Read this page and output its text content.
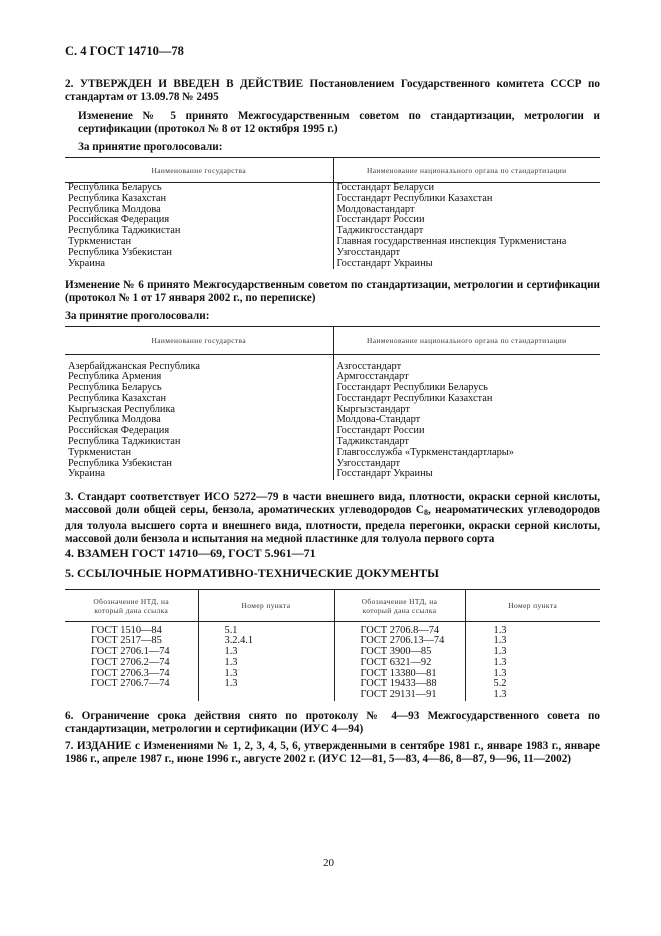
С. 4 ГОСТ 14710—78
2. УТВЕРЖДЕН И ВВЕДЕН В ДЕЙСТВИЕ Постановлением Государственного комитета СССР по стандартам от 13.09.78 № 2495
Изменение № 5 принято Межгосударственным советом по стандартизации, метрологии и сертификации (протокол № 8 от 12 октября 1995 г.)
За принятие проголосовали:
Наименование государства	Наименование национального органа по стандартизации
Республика Беларусь	Госстандарт Беларуси
Республика Казахстан	Госстандарт Республики Казахстан
Республика Молдова	Молдовастандарт
Российская Федерация	Госстандарт России
Республика Таджикистан	Таджикгосстандарт
Туркменистан	Главная государственная инспекция Туркменистана
Республика Узбекистан	Узгосстандарт
Украина	Госстандарт Украины
Изменение № 6 принято Межгосударственным советом по стандартизации, метрологии и сертификации (протокол № 1 от 17 января 2002 г., по переписке)
За принятие проголосовали:
Наименование государства	Наименование национального органа по стандартизации

Азербайджанская Республика	Азгосстандарт
Республика Армения	Армгосстандарт
Республика Беларусь	Госстандарт Республики Беларусь
Республика Казахстан	Госстандарт Республики Казахстан
Кыргызская Республика	Кыргызстандарт
Республика Молдова	Молдова-Стандарт
Российская Федерация	Госстандарт России
Республика Таджикистан	Таджикстандарт
Туркменистан	Главгосслужба «Туркменстандартлары»
Республика Узбекистан	Узгосстандарт
Украина	Госстандарт Украины
3. Стандарт соответствует ИСО 5272—79 в части внешнего вида, плотности, окраски серной кислоты, массовой доли общей серы, бензола, ароматических углеводородов $C_8$, неароматических углеводородов для толуола высшего сорта и внешнего вида, плотности, предела перегонки, окраски серной кислоты, массовой доли бензола и испытания на медной пластинке для толуола первого сорта
4. ВЗАМЕН ГОСТ 14710—69, ГОСТ 5.961—71
5. ССЫЛОЧНЫЕ НОРМАТИВНО-ТЕХНИЧЕСКИЕ ДОКУМЕНТЫ
Обозначение НТД, на
который дана ссылка	Номер пункта	Обозначение НТД, на
который дана ссылка	Номер пункта

ГОСТ 1510—84	5.1	ГОСТ 2706.8—74	1.3
ГОСТ 2517—85	3.2.4.1	ГОСТ 2706.13—74	1.3
ГОСТ 2706.1—74	1.3	ГОСТ 3900—85	1.3
ГОСТ 2706.2—74	1.3	ГОСТ 6321—92	1.3
ГОСТ 2706.3—74	1.3	ГОСТ 13380—81	1.3
ГОСТ 2706.7—74	1.3	ГОСТ 19433—88	5.2
		ГОСТ 29131—91	1.3
6. Ограничение срока действия снято по протоколу № 4—93 Межгосударственного совета по стандартизации, метрологии и сертификации (ИУС 4—94)
7. ИЗДАНИЕ с Изменениями № 1, 2, 3, 4, 5, 6, утвержденными в сентябре 1981 г., январе 1983 г., январе 1986 г., апреле 1987 г., июне 1996 г., августе 2002 г. (ИУС 12—81, 5—83, 4—86, 8—87, 9—96, 11—2002)
20
